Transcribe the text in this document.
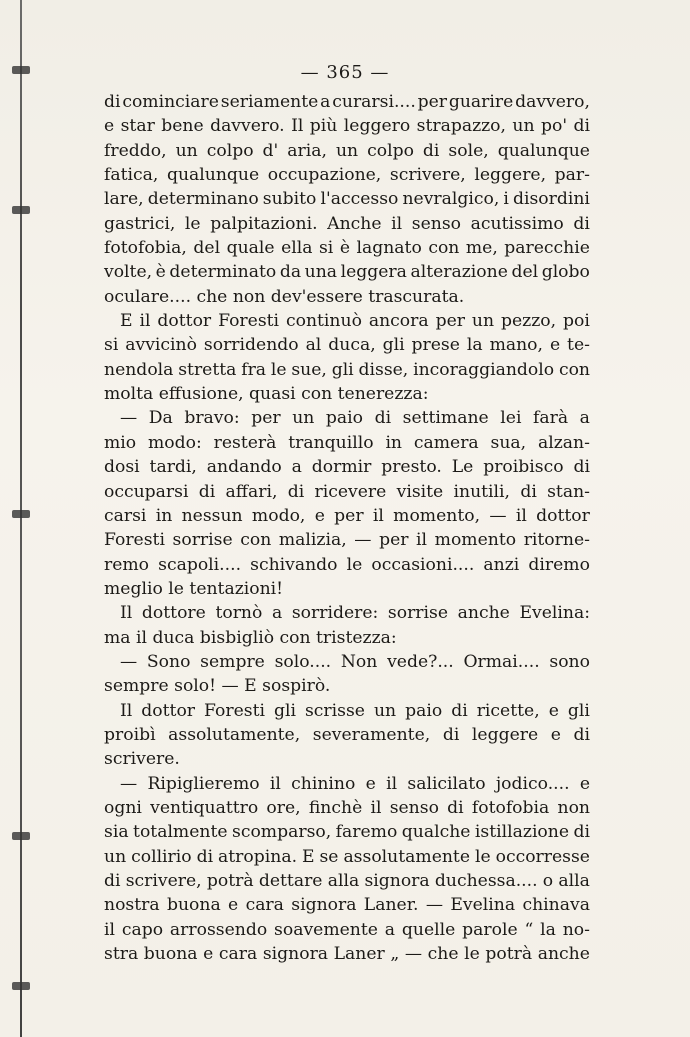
— 365 —
di cominciare seriamente a curarsi.... per guarire davvero,
e star bene davvero. Il più leggero strapazzo, un po' di
freddo, un colpo d' aria, un colpo di sole, qualunque
fatica, qualunque occupazione, scrivere, leggere, par-
lare, determinano subito l'accesso nevralgico, i disordini
gastrici, le palpitazioni. Anche il senso acutissimo di
fotofobia, del quale ella si è lagnato con me, parecchie
volte, è determinato da una leggera alterazione del globo
oculare.... che non dev'essere trascurata.
E il dottor Foresti continuò ancora per un pezzo, poi
si avvicinò sorridendo al duca, gli prese la mano, e te-
nendola stretta fra le sue, gli disse, incoraggiandolo con
molta effusione, quasi con tenerezza:
— Da bravo: per un paio di settimane lei farà a
mio modo: resterà tranquillo in camera sua, alzan-
dosi tardi, andando a dormir presto. Le proibisco di
occuparsi di affari, di ricevere visite inutili, di stan-
carsi in nessun modo, e per il momento, — il dottor
Foresti sorrise con malizia, — per il momento ritorne-
remo scapoli.... schivando le occasioni.... anzi diremo
meglio le tentazioni!
Il dottore tornò a sorridere: sorrise anche Evelina:
ma il duca bisbigliò con tristezza:
— Sono sempre solo.... Non vede?... Ormai.... sono
sempre solo! — E sospirò.
Il dottor Foresti gli scrisse un paio di ricette, e gli
proibì assolutamente, severamente, di leggere e di
scrivere.
— Ripiglieremo il chinino e il salicilato jodico.... e
ogni ventiquattro ore, finchè il senso di fotofobia non
sia totalmente scomparso, faremo qualche istillazione di
un collirio di atropina. E se assolutamente le occorresse
di scrivere, potrà dettare alla signora duchessa.... o alla
nostra buona e cara signora Laner. — Evelina chinava
il capo arrossendo soavemente a quelle parole “ la no-
stra buona e cara signora Laner „ — che le potrà anche
